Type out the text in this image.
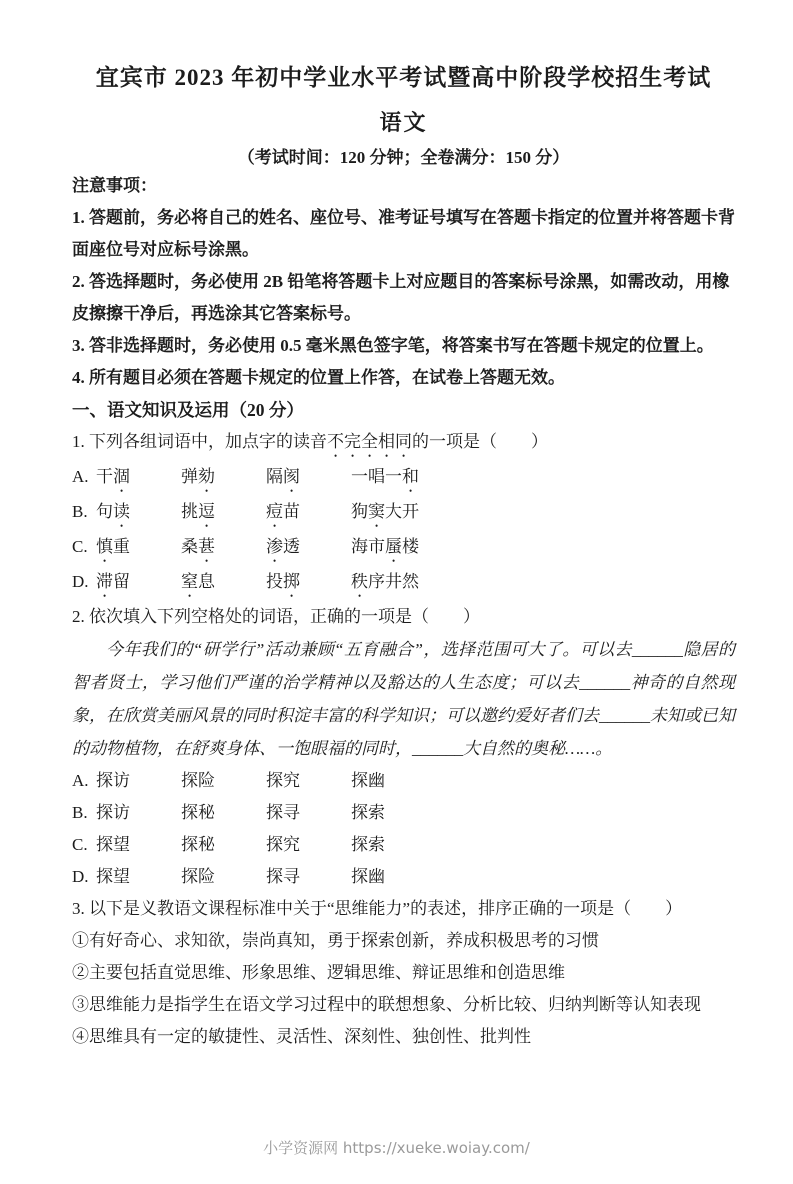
宜宾市 2023 年初中学业水平考试暨高中阶段学校招生考试
语文
（考试时间：120 分钟；全卷满分：150 分）

注意事项：

1. 答题前，务必将自己的姓名、座位号、准考证号填写在答题卡指定的位置并将答题卡背面座位号对应标号涂黑。

2. 答选择题时，务必使用 2B 铅笔将答题卡上对应题目的答案标号涂黑，如需改动，用橡皮擦擦干净后，再选涂其它答案标号。

3. 答非选择题时，务必使用 0.5 毫米黑色签字笔，将答案书写在答题卡规定的位置上。

4. 所有题目必须在答题卡规定的位置上作答，在试卷上答题无效。

一、语文知识及运用（20 分）

1. 下列各组词语中，加点字的读音不完全相同的一项是（　　）

A. 干涸	弹劾	隔阂	一唱一和
B. 句读	挑逗	痘苗	狗窦大开
C. 慎重	桑葚	渗透	海市蜃楼
D. 滞留	窒息	投掷	秩序井然

2. 依次填入下列空格处的词语，正确的一项是（　　）

今年我们的“研学行”活动兼顾“五育融合”，选择范围可大了。可以去______隐居的智者贤士，学习他们严谨的治学精神以及豁达的人生态度；可以去______神奇的自然现象，在欣赏美丽风景的同时积淀丰富的科学知识；可以邀约爱好者们去______未知或已知的动物植物，在舒爽身体、一饱眼福的同时，______大自然的奥秘……。

A. 探访	探险	探究	探幽
B. 探访	探秘	探寻	探索
C. 探望	探秘	探究	探索
D. 探望	探险	探寻	探幽

3. 以下是义教语文课程标准中关于“思维能力”的表述，排序正确的一项是（　　）

①有好奇心、求知欲，崇尚真知，勇于探索创新，养成积极思考的习惯

②主要包括直觉思维、形象思维、逻辑思维、辩证思维和创造思维

③思维能力是指学生在语文学习过程中的联想想象、分析比较、归纳判断等认知表现

④思维具有一定的敏捷性、灵活性、深刻性、独创性、批判性

小学资源网 https://xueke.woiay.com/
